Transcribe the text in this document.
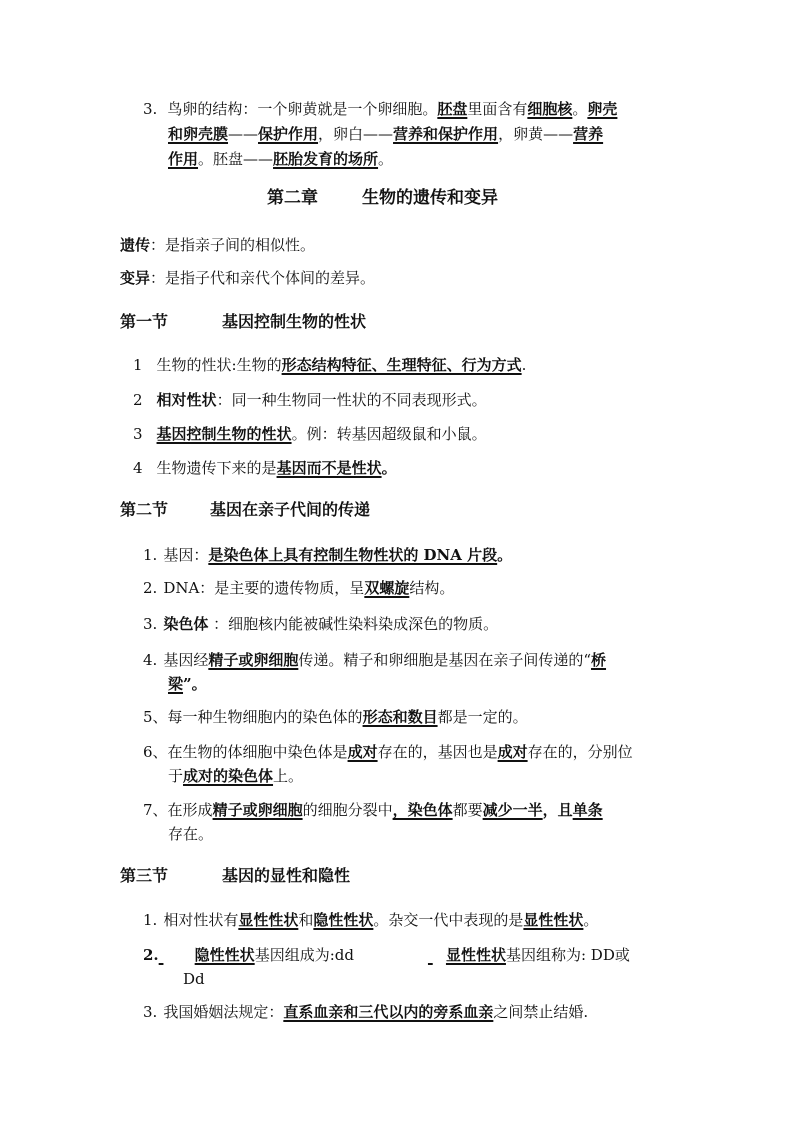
3. 鸟卵的结构：一个卵黄就是一个卵细胞。胚盘里面含有细胞核。卵壳
和卵壳膜——保护作用，卵白——营养和保护作用，卵黄——营养
作用。胚盘——胚胎发育的场所。
第二章	生物的遗传和变异
遗传：是指亲子间的相似性。
变异：是指子代和亲代个体间的差异。
第一节	基因控制生物的性状
1 生物的性状:生物的形态结构特征、生理特征、行为方式.
2 相对性状：同一种生物同一性状的不同表现形式。
3 基因控制生物的性状。例：转基因超级鼠和小鼠。
4 生物遗传下来的是基因而不是性状。
第二节	基因在亲子代间的传递
1. 基因：是染色体上具有控制生物性状的 DNA 片段。
2. DNA：是主要的遗传物质，呈双螺旋结构。
3. 染色体 ：细胞核内能被碱性染料染成深色的物质。
4. 基因经精子或卵细胞传递。精子和卵细胞是基因在亲子间传递的“桥
梁”。
5、每一种生物细胞内的染色体的形态和数目都是一定的。
6、在生物的体细胞中染色体是成对存在的，基因也是成对存在的，分别位
于成对的染色体上。
7、在形成精子或卵细胞的细胞分裂中，染色体都要减少一半，且单条
存在。
第三节	基因的显性和隐性
1. 相对性状有显性性状和隐性性状。杂交一代中表现的是显性性状。
2. 隐性性状基因组成为:dd	显性性状基因组称为: DD或
Dd
3. 我国婚姻法规定：直系血亲和三代以内的旁系血亲之间禁止结婚.
